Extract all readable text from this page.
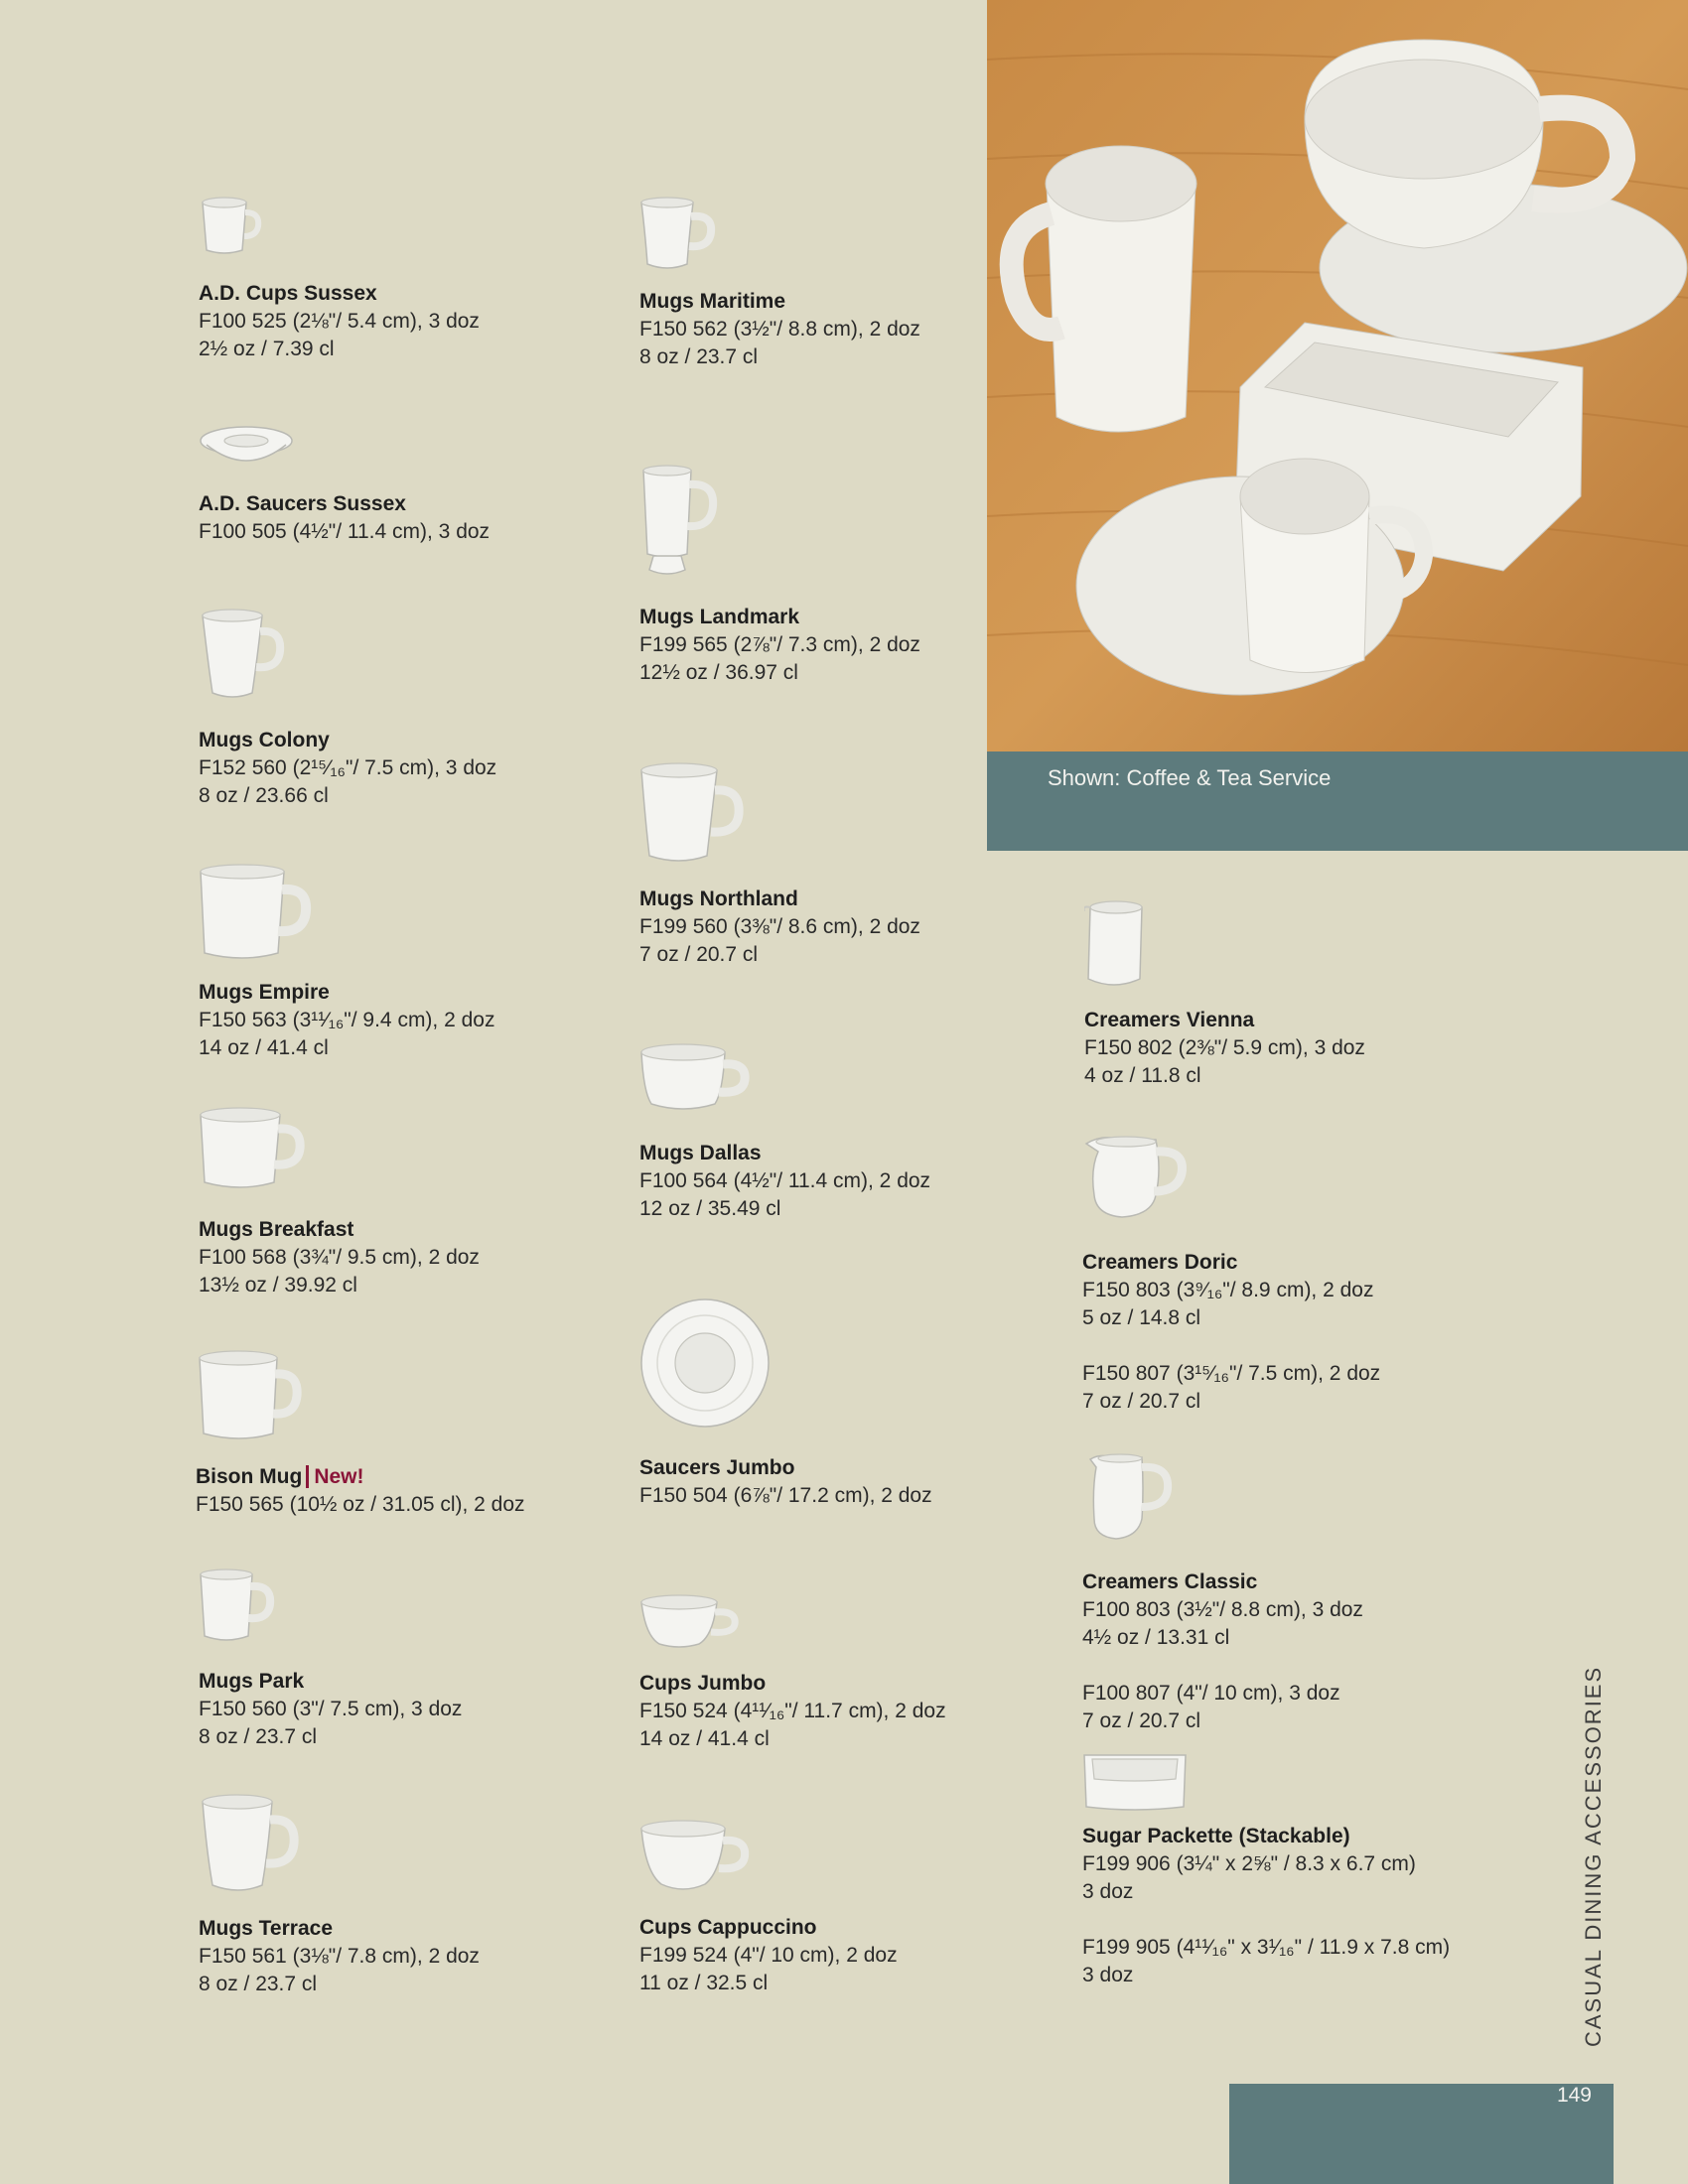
Shown: Coffee & Tea Service
A.D. Cups Sussex
F100 525 (2⅛"/ 5.4 cm), 3 doz
2½ oz / 7.39 cl
A.D. Saucers Sussex
F100 505 (4½"/ 11.4 cm), 3 doz
Mugs Colony
F152 560 (2¹⁵⁄₁₆"/ 7.5 cm), 3 doz
8 oz / 23.66 cl
Mugs Empire
F150 563 (3¹¹⁄₁₆"/ 9.4 cm), 2 doz
14 oz / 41.4 cl
Mugs Breakfast
F100 568 (3¾"/ 9.5 cm), 2 doz
13½ oz / 39.92 cl
Bison Mug New!
F150 565 (10½ oz / 31.05 cl), 2 doz
Mugs Park
F150 560 (3"/ 7.5 cm), 3 doz
8 oz / 23.7 cl
Mugs Terrace
F150 561 (3⅛"/ 7.8 cm), 2 doz
8 oz / 23.7 cl
Mugs Maritime
F150 562 (3½"/ 8.8 cm), 2 doz
8 oz / 23.7 cl
Mugs Landmark
F199 565 (2⅞"/ 7.3 cm), 2 doz
12½ oz / 36.97 cl
Mugs Northland
F199 560 (3⅜"/ 8.6 cm), 2 doz
7 oz / 20.7 cl
Mugs Dallas
F100 564 (4½"/ 11.4 cm), 2 doz
12 oz / 35.49 cl
Saucers Jumbo
F150 504 (6⅞"/ 17.2 cm), 2 doz
Cups Jumbo
F150 524 (4¹¹⁄₁₆"/ 11.7 cm), 2 doz
14 oz / 41.4 cl
Cups Cappuccino
F199 524 (4"/ 10 cm), 2 doz
11 oz / 32.5 cl
Creamers Vienna
F150 802 (2⅜"/ 5.9 cm), 3 doz
4 oz / 11.8 cl
Creamers Doric
F150 803 (3⁹⁄₁₆"/ 8.9 cm), 2 doz
5 oz / 14.8 cl
F150 807 (3¹⁵⁄₁₆"/ 7.5 cm), 2 doz
7 oz / 20.7 cl
Creamers Classic
F100 803 (3½"/ 8.8 cm), 3 doz
4½ oz / 13.31 cl
F100 807 (4"/ 10 cm), 3 doz
7 oz / 20.7 cl
Sugar Packette (Stackable)
F199 906 (3¼" x 2⅝" / 8.3 x 6.7 cm)
3 doz
F199 905 (4¹¹⁄₁₆" x 3¹⁄₁₆" / 11.9 x 7.8 cm)
3 doz	CASUAL DINING ACCESSORIES
149
